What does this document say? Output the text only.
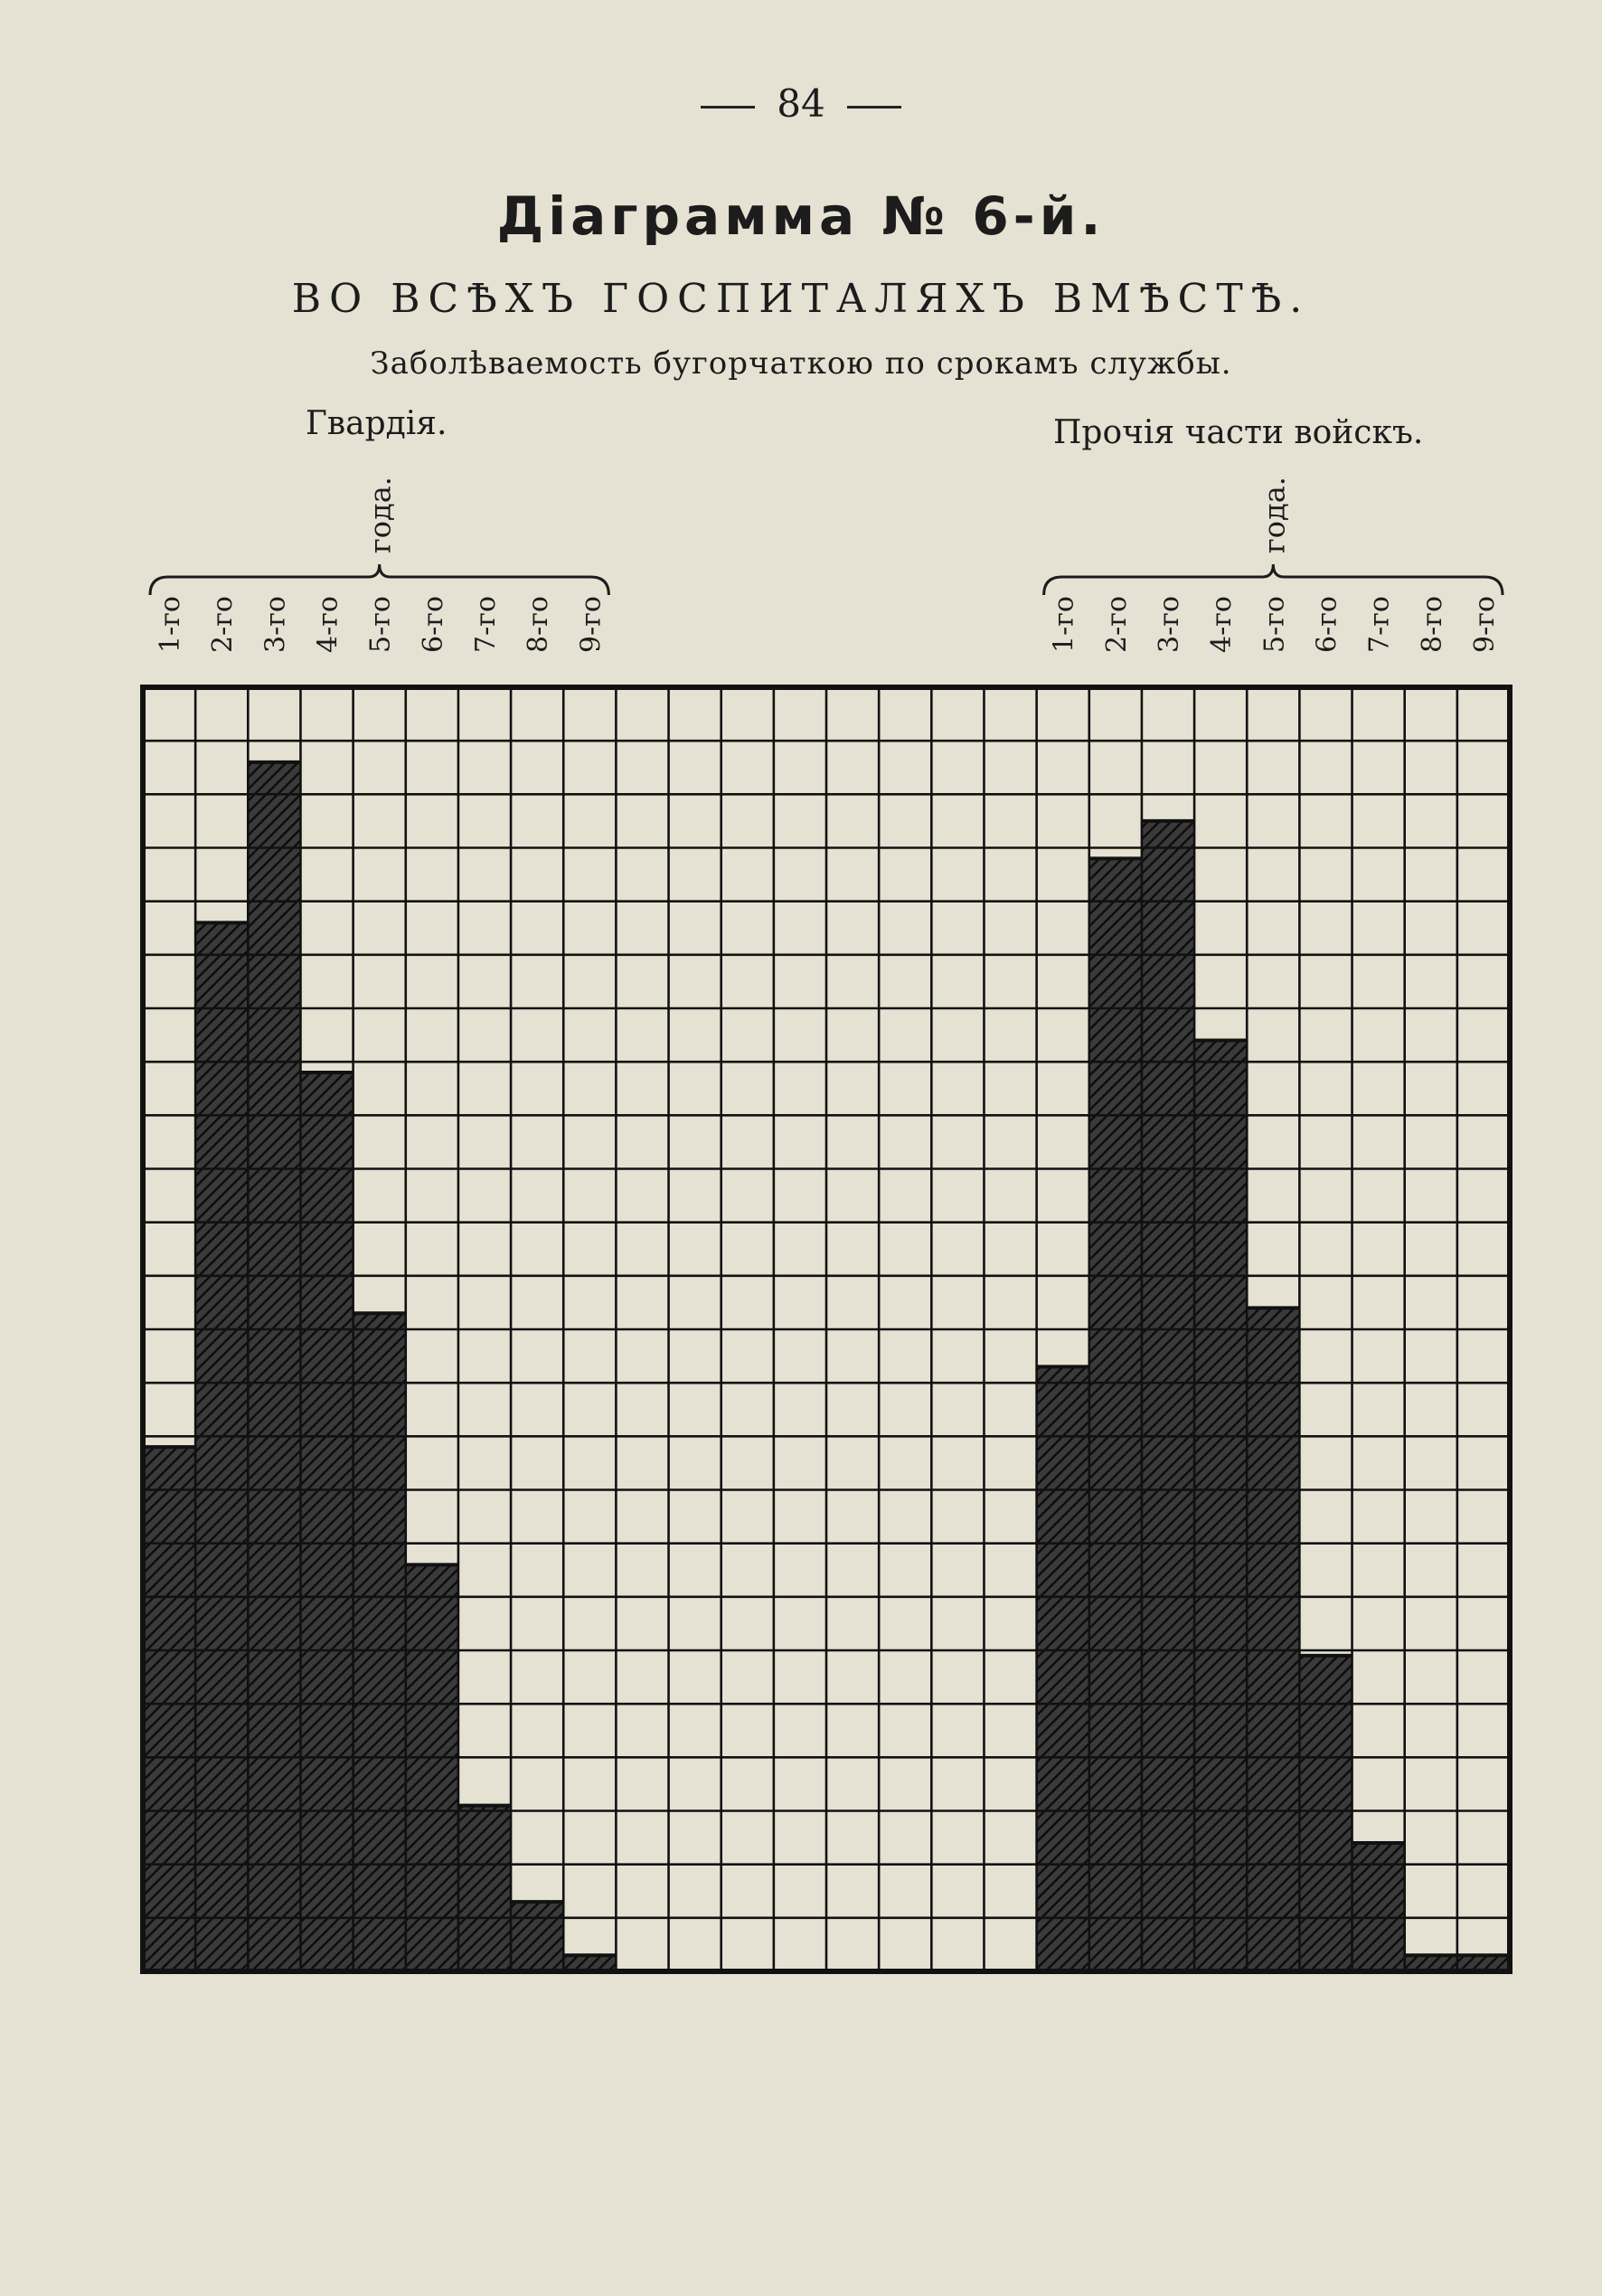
84
Діаграмма № 6-й.
ВО ВСѢХЪ ГОСПИТАЛЯХЪ ВМѢСТѢ.
Заболѣваемость бугорчаткою по срокамъ службы.
Гвардія.	Прочія части войскъ.
1-го 2-го 3-го 4-го 5-го 6-го 7-го 8-го 9-го	1-го 2-го 3-го 4-го 5-го 6-го 7-го 8-го 9-го
года.	года.
